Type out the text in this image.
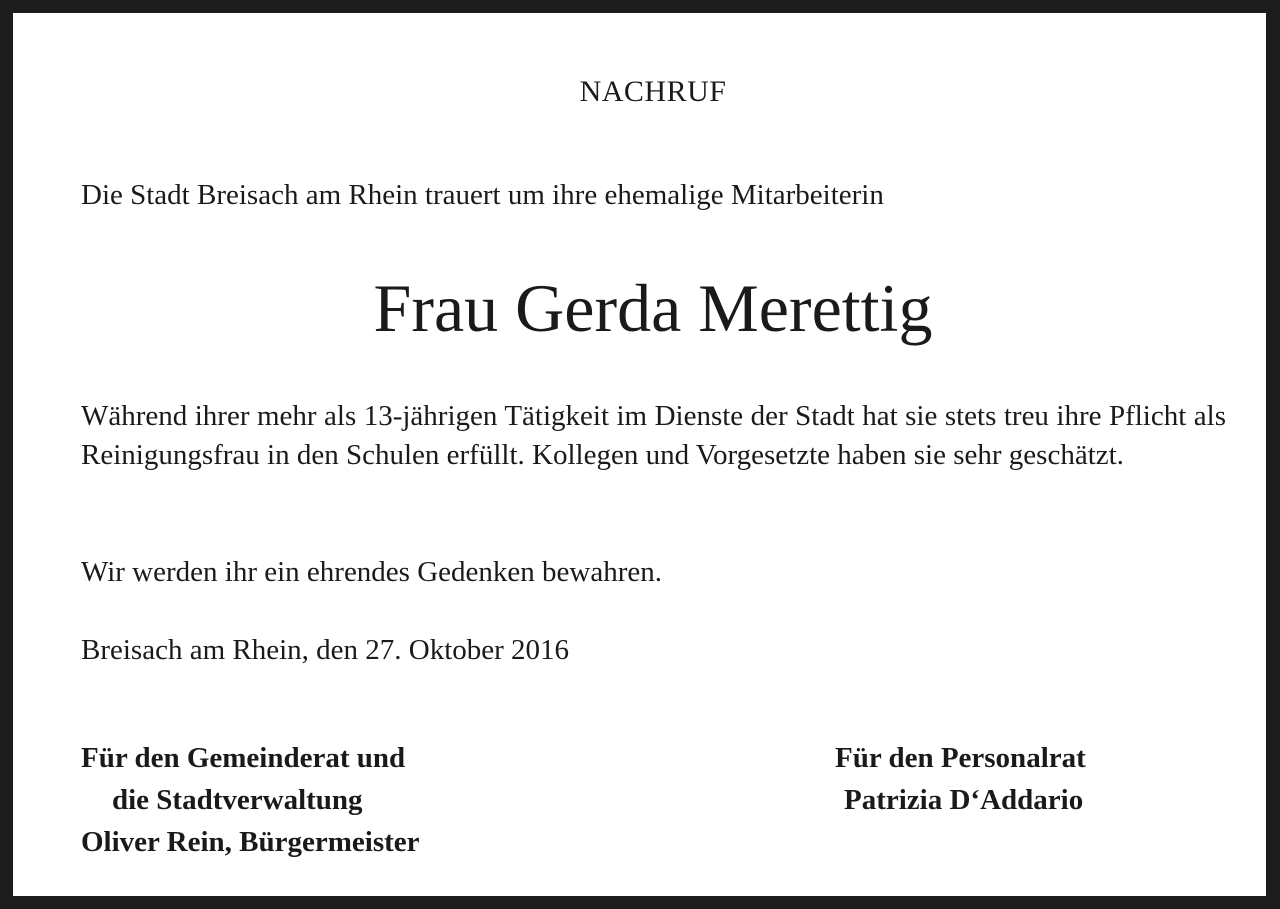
NACHRUF
Die Stadt Breisach am Rhein trauert um ihre ehemalige Mitarbeiterin
Frau Gerda Merettig
Während ihrer mehr als 13-jährigen Tätigkeit im Dienste der Stadt hat sie stets treu ihre Pflicht als Reinigungsfrau in den Schulen erfüllt. Kollegen und Vorgesetzte haben sie sehr geschätzt.
Wir werden ihr ein ehrendes Gedenken bewahren.
Breisach am Rhein, den 27. Oktober 2016
Für den Gemeinderat und
die Stadtverwaltung
Oliver Rein, Bürgermeister
Für den Personalrat
Patrizia D‘Addario
